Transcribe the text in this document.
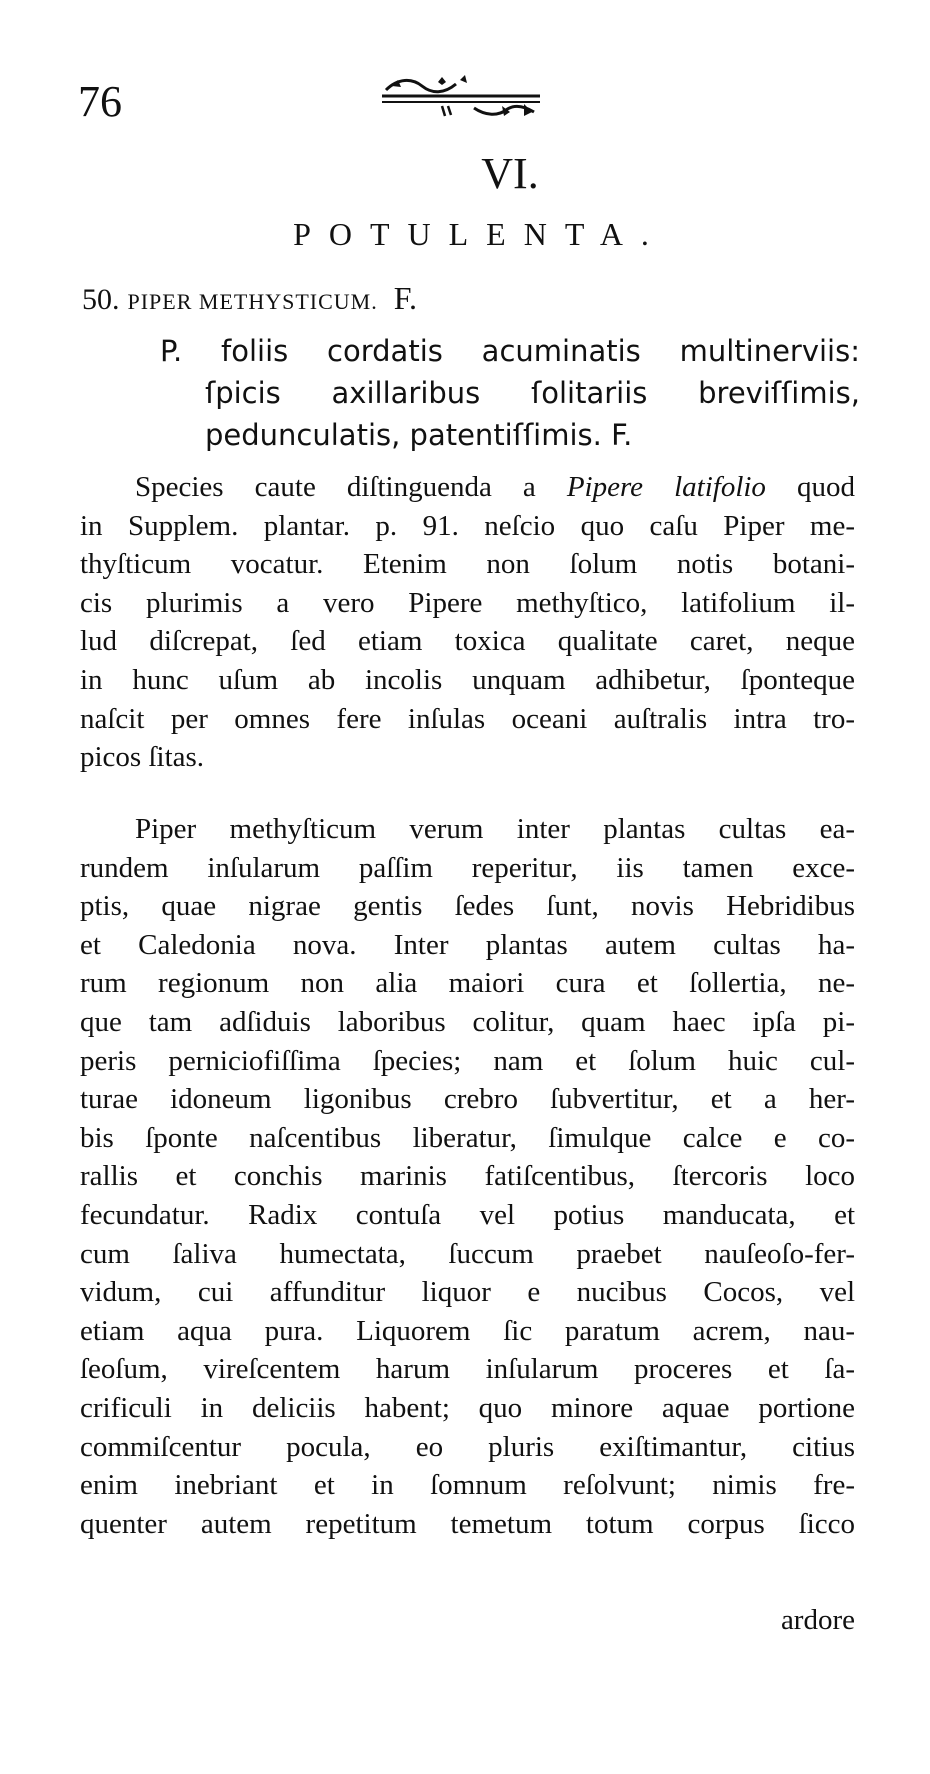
76
VI.
POTULENTA.
50. PIPER METHYSTICUM. F.
P. foliis cordatis acuminatis multinerviis:
ſpicis axillaribus ſolitariis breviſſimis,
pedunculatis, patentiſſimis. F.
Species caute diſtinguenda a Pipere latifolio quod
in Supplem. plantar. p. 91. neſcio quo caſu Piper me-
thyſticum vocatur. Etenim non ſolum notis botani-
cis plurimis a vero Pipere methyſtico, latifolium il-
lud diſcrepat, ſed etiam toxica qualitate caret, neque
in hunc uſum ab incolis unquam adhibetur, ſponteque
naſcit per omnes fere inſulas oceani auſtralis intra tro-
picos ſitas.
Piper methyſticum verum inter plantas cultas ea-
rundem inſularum paſſim reperitur, iis tamen exce-
ptis, quae nigrae gentis ſedes ſunt, novis Hebridibus
et Caledonia nova. Inter plantas autem cultas ha-
rum regionum non alia maiori cura et ſollertia, ne-
que tam adſiduis laboribus colitur, quam haec ipſa pi-
peris perniciofiſſima ſpecies; nam et ſolum huic cul-
turae idoneum ligonibus crebro ſubvertitur, et a her-
bis ſponte naſcentibus liberatur, ſimulque calce e co-
rallis et conchis marinis fatiſcentibus, ſtercoris loco
fecundatur. Radix contuſa vel potius manducata, et
cum ſaliva humectata, ſuccum praebet nauſeoſo-fer-
vidum, cui affunditur liquor e nucibus Cocos, vel
etiam aqua pura. Liquorem ſic paratum acrem, nau-
ſeoſum, vireſcentem harum inſularum proceres et ſa-
crificuli in deliciis habent; quo minore aquae portione
commiſcentur pocula, eo pluris exiſtimantur, citius
enim inebriant et in ſomnum reſolvunt; nimis fre-
quenter autem repetitum temetum totum corpus ſicco
ardore
